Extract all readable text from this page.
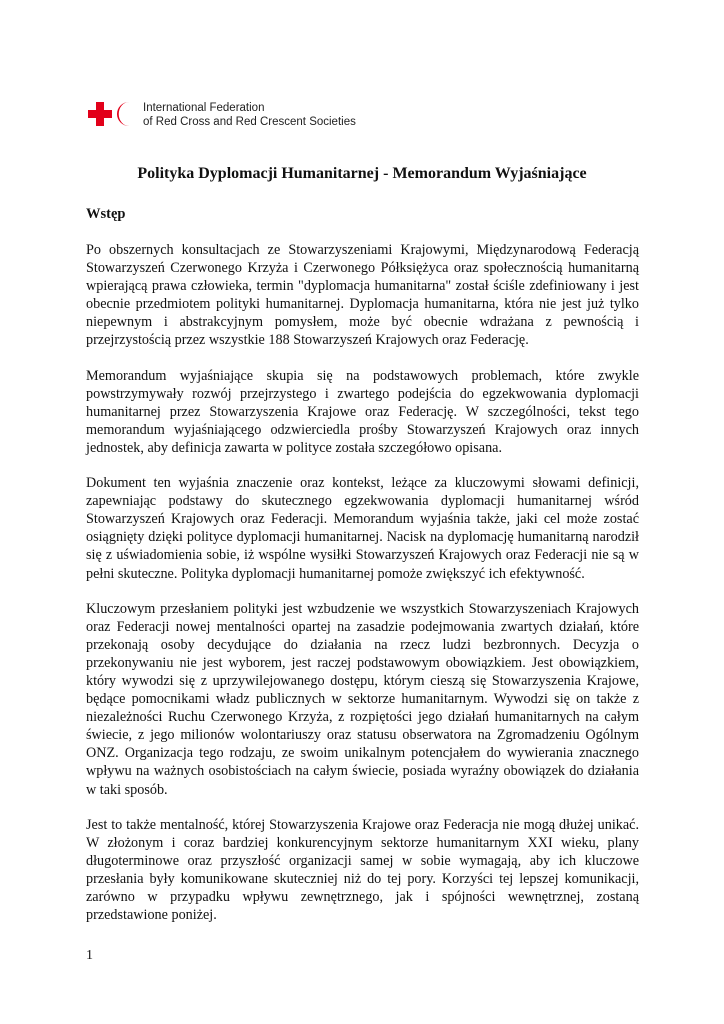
International Federation
of Red Cross and Red Crescent Societies
Polityka Dyplomacji Humanitarnej - Memorandum Wyjaśniające
Wstęp

Po obszernych konsultacjach ze Stowarzyszeniami Krajowymi, Międzynarodową Federacją Stowarzyszeń Czerwonego Krzyża i Czerwonego Półksiężyca oraz społecznością humanitarną wpierającą prawa człowieka, termin "dyplomacja humanitarna" został ściśle zdefiniowany i jest obecnie przedmiotem polityki humanitarnej. Dyplomacja humanitarna, która nie jest już tylko niepewnym i abstrakcyjnym pomysłem, może być obecnie wdrażana z pewnością i przejrzystością przez wszystkie 188 Stowarzyszeń Krajowych oraz Federację.

Memorandum wyjaśniające skupia się na podstawowych problemach, które zwykle powstrzymywały rozwój przejrzystego i zwartego podejścia do egzekwowania dyplomacji humanitarnej przez Stowarzyszenia Krajowe oraz Federację. W szczególności, tekst tego memorandum wyjaśniającego odzwierciedla prośby Stowarzyszeń Krajowych oraz innych jednostek, aby definicja zawarta w polityce została szczegółowo opisana.

Dokument ten wyjaśnia znaczenie oraz kontekst, leżące za kluczowymi słowami definicji, zapewniając podstawy do skutecznego egzekwowania dyplomacji humanitarnej wśród Stowarzyszeń Krajowych oraz Federacji. Memorandum wyjaśnia także, jaki cel może zostać osiągnięty dzięki polityce dyplomacji humanitarnej. Nacisk na dyplomację humanitarną narodził się z uświadomienia sobie, iż wspólne wysiłki Stowarzyszeń Krajowych oraz Federacji nie są w pełni skuteczne. Polityka dyplomacji humanitarnej pomoże zwiększyć ich efektywność.

Kluczowym przesłaniem polityki jest wzbudzenie we wszystkich Stowarzyszeniach Krajowych oraz Federacji nowej mentalności opartej na zasadzie podejmowania zwartych działań, które przekonają osoby decydujące do działania na rzecz ludzi bezbronnych. Decyzja o przekonywaniu nie jest wyborem, jest raczej podstawowym obowiązkiem. Jest obowiązkiem, który wywodzi się z uprzywilejowanego dostępu, którym cieszą się Stowarzyszenia Krajowe, będące pomocnikami władz publicznych w sektorze humanitarnym. Wywodzi się on także z niezależności Ruchu Czerwonego Krzyża, z rozpiętości jego działań humanitarnych na całym świecie, z jego milionów wolontariuszy oraz statusu obserwatora na Zgromadzeniu Ogólnym ONZ. Organizacja tego rodzaju, ze swoim unikalnym potencjałem do wywierania znacznego wpływu na ważnych osobistościach na całym świecie, posiada wyraźny obowiązek do działania w taki sposób.

Jest to także mentalność, której Stowarzyszenia Krajowe oraz Federacja nie mogą dłużej unikać. W złożonym i coraz bardziej konkurencyjnym sektorze humanitarnym XXI wieku, plany długoterminowe oraz przyszłość organizacji samej w sobie wymagają, aby ich kluczowe przesłania były komunikowane skuteczniej niż do tej pory. Korzyści tej lepszej komunikacji, zarówno w przypadku wpływu zewnętrznego, jak i spójności wewnętrznej, zostaną przedstawione poniżej.

1
